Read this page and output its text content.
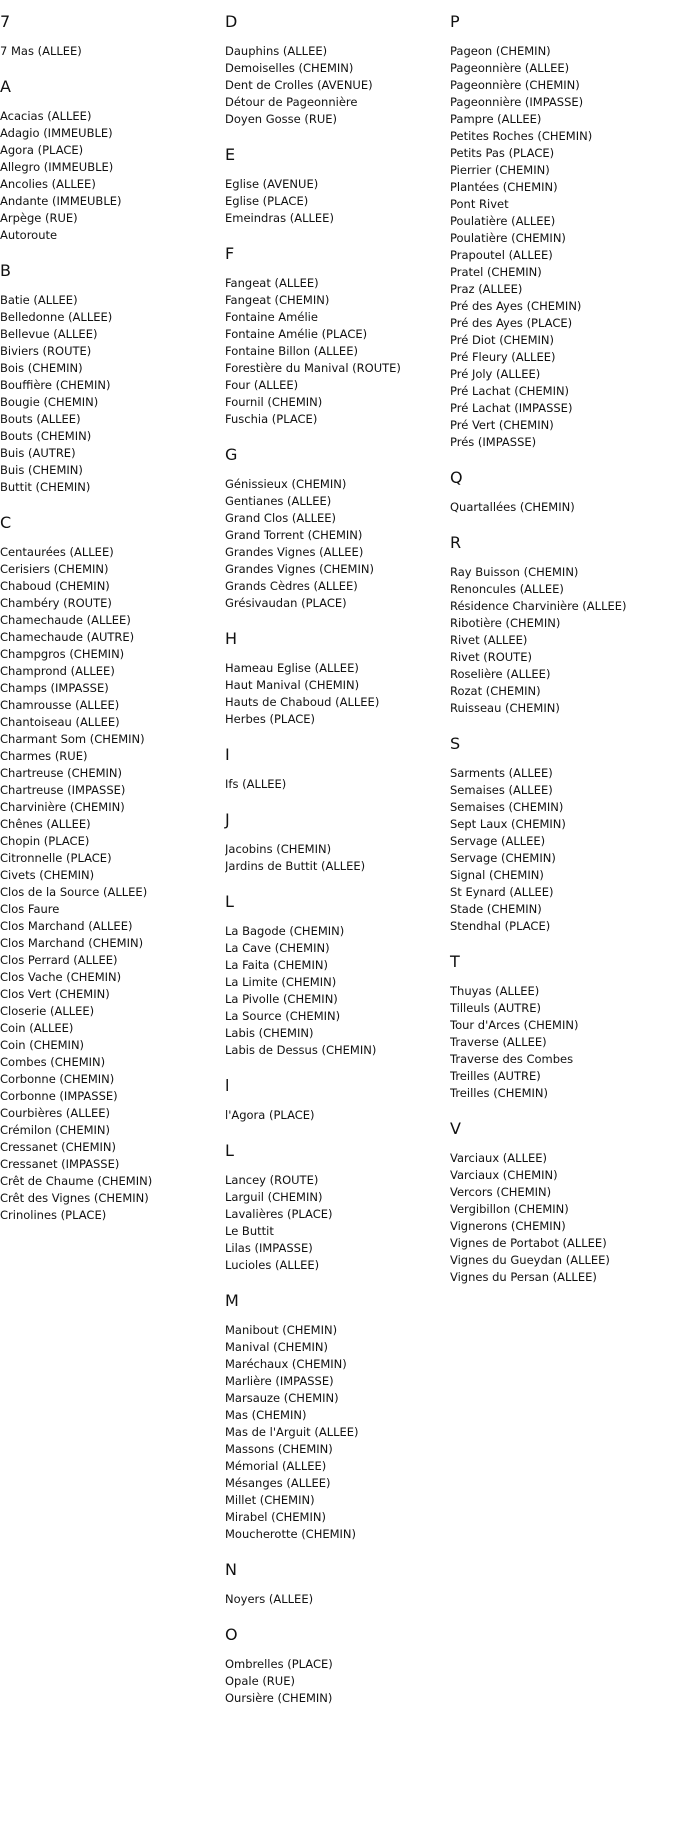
7
7 Mas (ALLEE)
A
Acacias (ALLEE)
Adagio (IMMEUBLE)
Agora (PLACE)
Allegro (IMMEUBLE)
Ancolies (ALLEE)
Andante (IMMEUBLE)
Arpège (RUE)
Autoroute
B
Batie (ALLEE)
Belledonne (ALLEE)
Bellevue (ALLEE)
Biviers (ROUTE)
Bois (CHEMIN)
Bouffière (CHEMIN)
Bougie (CHEMIN)
Bouts (ALLEE)
Bouts (CHEMIN)
Buis (AUTRE)
Buis (CHEMIN)
Buttit (CHEMIN)
C
Centaurées (ALLEE)
Cerisiers (CHEMIN)
Chaboud (CHEMIN)
Chambéry (ROUTE)
Chamechaude (ALLEE)
Chamechaude (AUTRE)
Champgros (CHEMIN)
Champrond (ALLEE)
Champs (IMPASSE)
Chamrousse (ALLEE)
Chantoiseau (ALLEE)
Charmant Som (CHEMIN)
Charmes (RUE)
Chartreuse (CHEMIN)
Chartreuse (IMPASSE)
Charvinière (CHEMIN)
Chênes (ALLEE)
Chopin (PLACE)
Citronnelle (PLACE)
Civets (CHEMIN)
Clos de la Source (ALLEE)
Clos Faure
Clos Marchand (ALLEE)
Clos Marchand (CHEMIN)
Clos Perrard (ALLEE)
Clos Vache (CHEMIN)
Clos Vert (CHEMIN)
Closerie (ALLEE)
Coin (ALLEE)
Coin (CHEMIN)
Combes (CHEMIN)
Corbonne (CHEMIN)
Corbonne (IMPASSE)
Courbières (ALLEE)
Crémilon (CHEMIN)
Cressanet (CHEMIN)
Cressanet (IMPASSE)
Crêt de Chaume (CHEMIN)
Crêt des Vignes (CHEMIN)
Crinolines (PLACE)
D
Dauphins (ALLEE)
Demoiselles (CHEMIN)
Dent de Crolles (AVENUE)
Détour de Pageonnière
Doyen Gosse (RUE)
E
Eglise (AVENUE)
Eglise (PLACE)
Emeindras (ALLEE)
F
Fangeat (ALLEE)
Fangeat (CHEMIN)
Fontaine Amélie
Fontaine Amélie (PLACE)
Fontaine Billon (ALLEE)
Forestière du Manival (ROUTE)
Four (ALLEE)
Fournil (CHEMIN)
Fuschia (PLACE)
G
Génissieux (CHEMIN)
Gentianes (ALLEE)
Grand Clos (ALLEE)
Grand Torrent (CHEMIN)
Grandes Vignes (ALLEE)
Grandes Vignes (CHEMIN)
Grands Cèdres (ALLEE)
Grésivaudan (PLACE)
H
Hameau Eglise (ALLEE)
Haut Manival (CHEMIN)
Hauts de Chaboud (ALLEE)
Herbes (PLACE)
I
Ifs (ALLEE)
J
Jacobins (CHEMIN)
Jardins de Buttit (ALLEE)
L
La Bagode (CHEMIN)
La Cave (CHEMIN)
La Faita (CHEMIN)
La Limite (CHEMIN)
La Pivolle (CHEMIN)
La Source (CHEMIN)
Labis (CHEMIN)
Labis de Dessus (CHEMIN)
l
l'Agora (PLACE)
L
Lancey (ROUTE)
Larguil (CHEMIN)
Lavalières (PLACE)
Le Buttit
Lilas (IMPASSE)
Lucioles (ALLEE)
M
Manibout (CHEMIN)
Manival (CHEMIN)
Maréchaux (CHEMIN)
Marlière (IMPASSE)
Marsauze (CHEMIN)
Mas (CHEMIN)
Mas de l'Arguit (ALLEE)
Massons (CHEMIN)
Mémorial (ALLEE)
Mésanges (ALLEE)
Millet (CHEMIN)
Mirabel (CHEMIN)
Moucherotte (CHEMIN)
N
Noyers (ALLEE)
O
Ombrelles (PLACE)
Opale (RUE)
Oursière (CHEMIN)
P
Pageon (CHEMIN)
Pageonnière (ALLEE)
Pageonnière (CHEMIN)
Pageonnière (IMPASSE)
Pampre (ALLEE)
Petites Roches (CHEMIN)
Petits Pas (PLACE)
Pierrier (CHEMIN)
Plantées (CHEMIN)
Pont Rivet
Poulatière (ALLEE)
Poulatière (CHEMIN)
Prapoutel (ALLEE)
Pratel (CHEMIN)
Praz (ALLEE)
Pré des Ayes (CHEMIN)
Pré des Ayes (PLACE)
Pré Diot (CHEMIN)
Pré Fleury (ALLEE)
Pré Joly (ALLEE)
Pré Lachat (CHEMIN)
Pré Lachat (IMPASSE)
Pré Vert (CHEMIN)
Prés (IMPASSE)
Q
Quartallées (CHEMIN)
R
Ray Buisson (CHEMIN)
Renoncules (ALLEE)
Résidence Charvinière (ALLEE)
Ribotière (CHEMIN)
Rivet (ALLEE)
Rivet (ROUTE)
Roselière (ALLEE)
Rozat (CHEMIN)
Ruisseau (CHEMIN)
S
Sarments (ALLEE)
Semaises (ALLEE)
Semaises (CHEMIN)
Sept Laux (CHEMIN)
Servage (ALLEE)
Servage (CHEMIN)
Signal (CHEMIN)
St Eynard (ALLEE)
Stade (CHEMIN)
Stendhal (PLACE)
T
Thuyas (ALLEE)
Tilleuls (AUTRE)
Tour d'Arces (CHEMIN)
Traverse (ALLEE)
Traverse des Combes
Treilles (AUTRE)
Treilles (CHEMIN)
V
Varciaux (ALLEE)
Varciaux (CHEMIN)
Vercors (CHEMIN)
Vergibillon (CHEMIN)
Vignerons (CHEMIN)
Vignes de Portabot (ALLEE)
Vignes du Gueydan (ALLEE)
Vignes du Persan (ALLEE)
